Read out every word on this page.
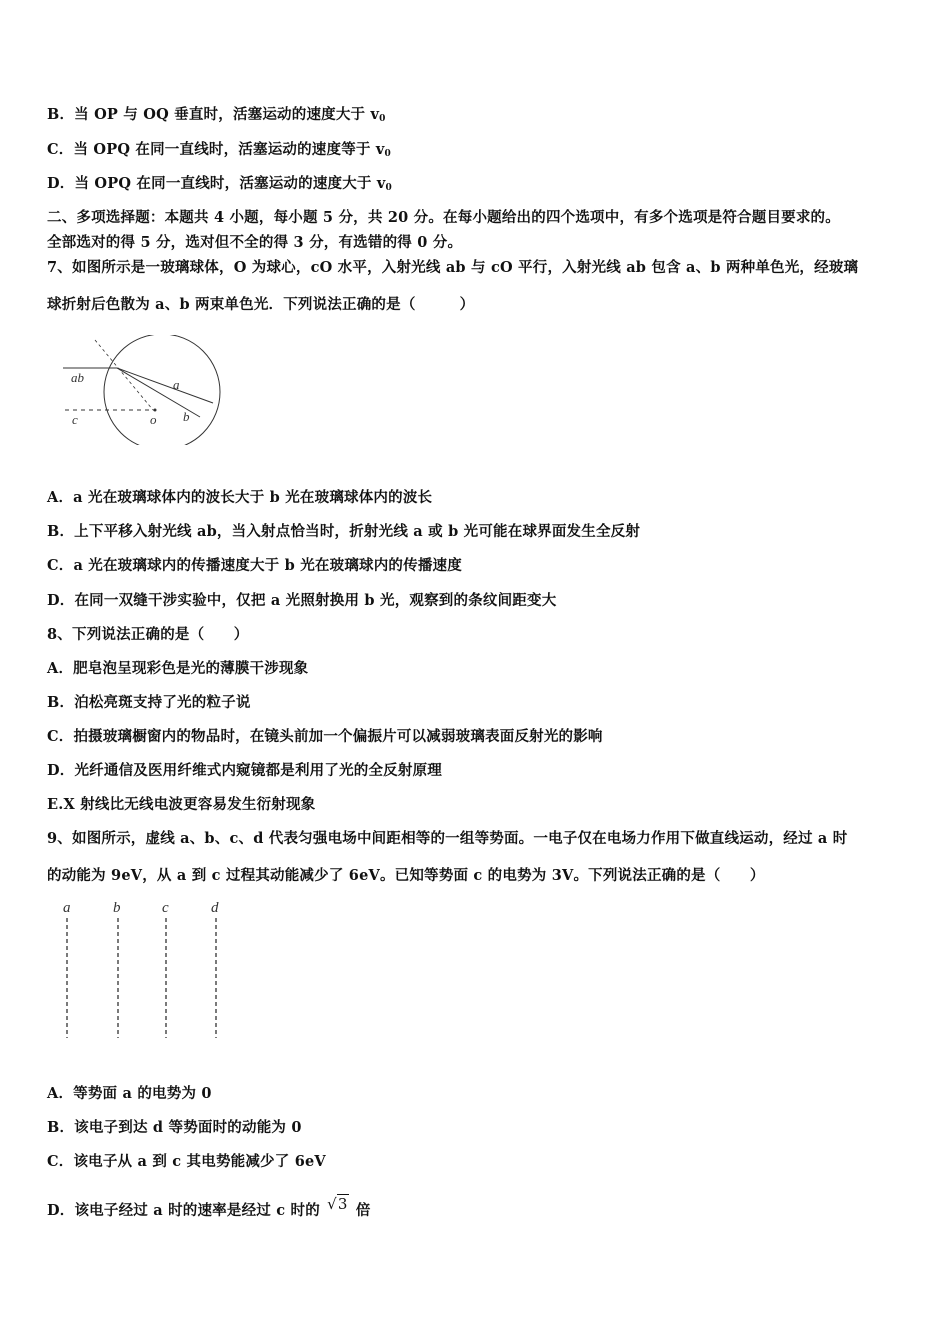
B．当 OP 与 OQ 垂直时，活塞运动的速度大于 v0
C．当 OPQ 在同一直线时，活塞运动的速度等于 v0
D．当 OPQ 在同一直线时，活塞运动的速度大于 v0
二、多项选择题：本题共 4 小题，每小题 5 分，共 20 分。在每小题给出的四个选项中，有多个选项是符合题目要求的。
全部选对的得 5 分，选对但不全的得 3 分，有选错的得 0 分。
7、如图所示是一玻璃球体，O 为球心，cO 水平，入射光线 ab 与 cO 平行，入射光线 ab 包含 a、b 两种单色光，经玻璃
球折射后色散为 a、b 两束单色光．下列说法正确的是（　　　）
ab	a
b
c	o
A．a 光在玻璃球体内的波长大于 b 光在玻璃球体内的波长
B．上下平移入射光线 ab，当入射点恰当时，折射光线 a 或 b 光可能在球界面发生全反射
C．a 光在玻璃球内的传播速度大于 b 光在玻璃球内的传播速度
D．在同一双缝干涉实验中，仅把 a 光照射换用 b 光，观察到的条纹间距变大
8、下列说法正确的是（　　）
A．肥皂泡呈现彩色是光的薄膜干涉现象
B．泊松亮斑支持了光的粒子说
C．拍摄玻璃橱窗内的物品时，在镜头前加一个偏振片可以减弱玻璃表面反射光的影响
D．光纤通信及医用纤维式内窥镜都是利用了光的全反射原理
E.X 射线比无线电波更容易发生衍射现象
9、如图所示，虚线 a、b、c、d 代表匀强电场中间距相等的一组等势面。一电子仅在电场力作用下做直线运动，经过 a 时
的动能为 9eV，从 a 到 c 过程其动能减少了 6eV。已知等势面 c 的电势为 3V。下列说法正确的是（　　）
a	b	c	d
A．等势面 a 的电势为 0
B．该电子到达 d 等势面时的动能为 0
C．该电子从 a 到 c 其电势能减少了 6eV
D．该电子经过 a 时的速率是经过 c 时的 √3 倍
